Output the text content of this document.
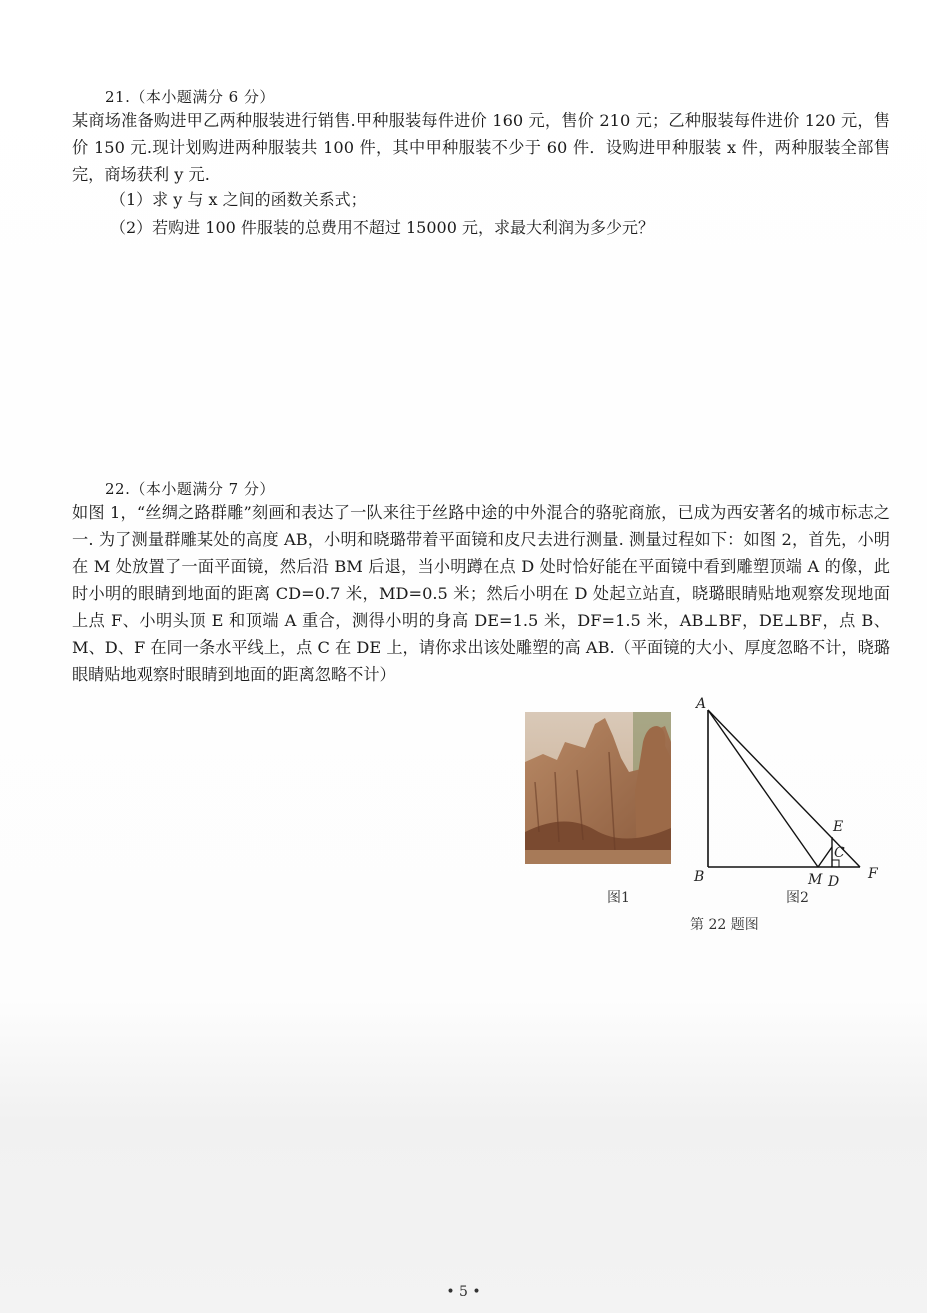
21.（本小题满分 6 分）
某商场准备购进甲乙两种服装进行销售.甲种服装每件进价 160 元，售价 210 元；乙种服装每件进价 120 元，售价 150 元.现计划购进两种服装共 100 件，其中甲种服装不少于 60 件．设购进甲种服装 x 件，两种服装全部售完，商场获利 y 元.
（1）求 y 与 x 之间的函数关系式；
（2）若购进 100 件服装的总费用不超过 15000 元，求最大利润为多少元？
22.（本小题满分 7 分）
如图 1，“丝绸之路群雕”刻画和表达了一队来往于丝路中途的中外混合的骆驼商旅，已成为西安著名的城市标志之一. 为了测量群雕某处的高度 AB，小明和晓璐带着平面镜和皮尺去进行测量. 测量过程如下：如图 2，首先，小明在 M 处放置了一面平面镜，然后沿 BM 后退，当小明蹲在点 D 处时恰好能在平面镜中看到雕塑顶端 A 的像，此时小明的眼睛到地面的距离 CD=0.7 米，MD=0.5 米；然后小明在 D 处起立站直，晓璐眼睛贴地观察发现地面上点 F、小明头顶 E 和顶端 A 重合，测得小明的身高 DE=1.5 米，DF=1.5 米，AB⊥BF，DE⊥BF，点 B、M、D、F 在同一条水平线上，点 C 在 DE 上，请你求出该处雕塑的高 AB.（平面镜的大小、厚度忽略不计，晓璐眼睛贴地观察时眼睛到地面的距离忽略不计）
A
B	M D F
E
C
图1	图2
第 22 题图
• 5 •
